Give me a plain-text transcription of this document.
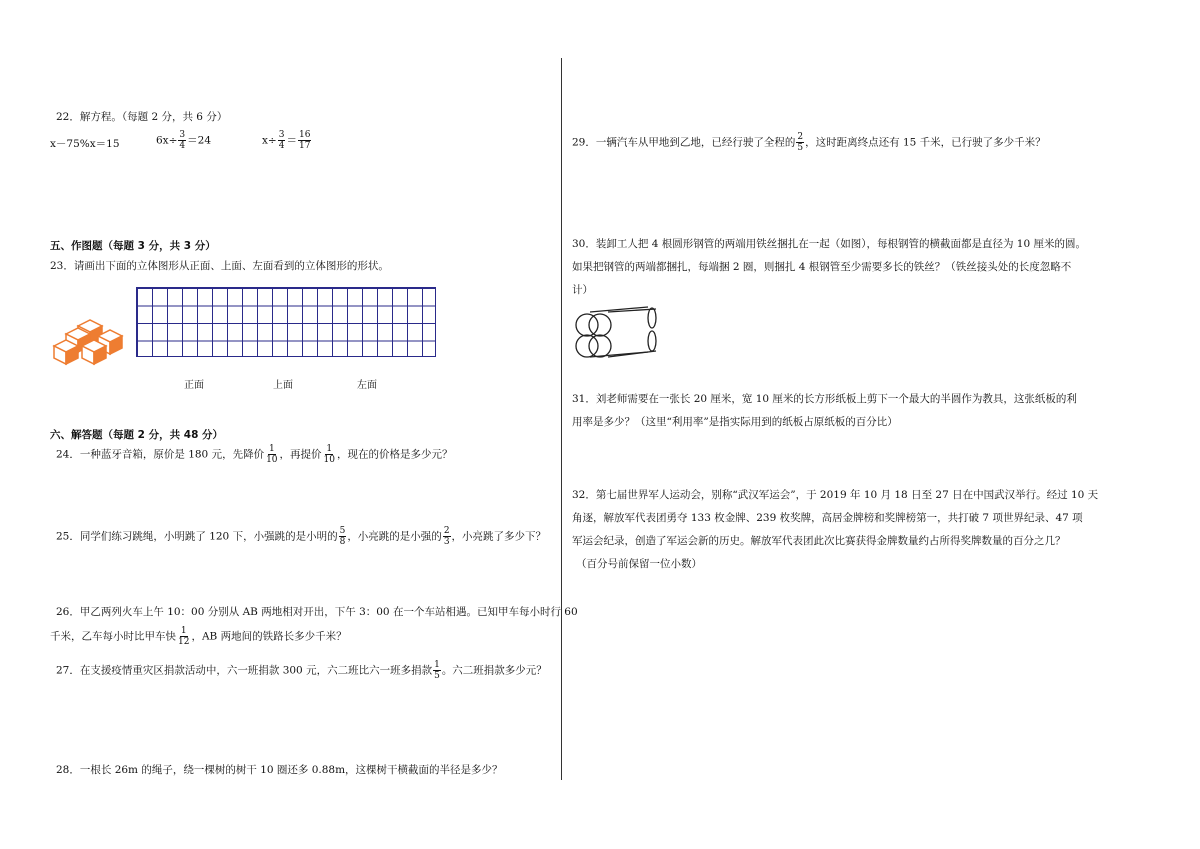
22．解方程。（每题 2 分，共 6 分）
x－75%x＝15	$6x\div \frac{3}{4} =24$	$x\div \frac{3}{4} = \frac{16}{17}$
五、作图题（每题 3 分，共 3 分）
23．请画出下面的立体图形从正面、上面、左面看到的立体图形的形状。
正面	上面	左面
六、解答题（每题 2 分，共 48 分）
24．一种蓝牙音箱，原价是 180 元，先降价 $\frac{1}{10}$ ，再提价 $\frac{1}{10}$ ，现在的价格是多少元？
25．同学们练习跳绳，小明跳了 120 下，小强跳的是小明的 $\frac{5}{8}$ ，小亮跳的是小强的 $\frac{2}{3}$ ，小亮跳了多少下？
26．甲乙两列火车上午 10：00 分别从 AB 两地相对开出，下午 3：00 在一个车站相遇。已知甲车每小时行 60
千米，乙车每小时比甲车快 $\frac{1}{12}$ ，AB 两地间的铁路长多少千米？
27．在支援疫情重灾区捐款活动中，六一班捐款 300 元，六二班比六一班多捐款 $\frac{1}{5}$ 。六二班捐款多少元？
28．一根长 26m 的绳子，绕一棵树的树干 10 圈还多 0.88m，这棵树干横截面的半径是多少？
29．一辆汽车从甲地到乙地，已经行驶了全程的 $\frac{2}{5}$ ，这时距离终点还有 15 千米，已行驶了多少千米？
30．装卸工人把 4 根圆形钢管的两端用铁丝捆扎在一起（如图），每根钢管的横截面都是直径为 10 厘米的圆。
如果把钢管的两端都捆扎，每端捆 2 圈，则捆扎 4 根钢管至少需要多长的铁丝？（铁丝接头处的长度忽略不
计）
31．刘老师需要在一张长 20 厘米，宽 10 厘米的长方形纸板上剪下一个最大的半圆作为教具，这张纸板的利
用率是多少？（这里“利用率”是指实际用到的纸板占原纸板的百分比）
32．第七届世界军人运动会，别称“武汉军运会”，于 2019 年 10 月 18 日至 27 日在中国武汉举行。经过 10 天
角逐，解放军代表团勇夺 133 枚金牌、239 枚奖牌，高居金牌榜和奖牌榜第一，共打破 7 项世界纪录、47 项
军运会纪录，创造了军运会新的历史。解放军代表团此次比赛获得金牌数量约占所得奖牌数量的百分之几？
（百分号前保留一位小数）
